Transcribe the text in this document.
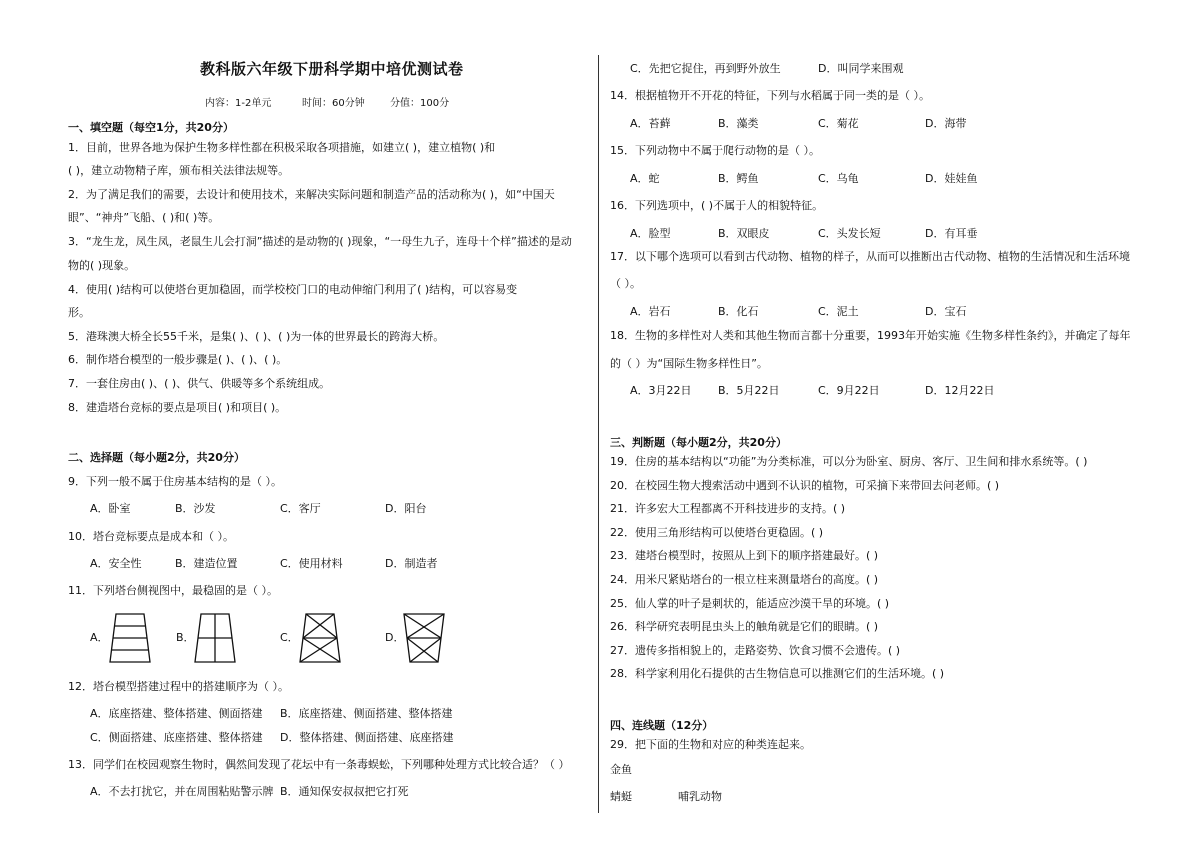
教科版六年级下册科学期中培优测试卷
内容：1-2单元	时间：60分钟	分值：100分
一、填空题（每空1分，共20分）
1．目前，世界各地为保护生物多样性都在积极采取各项措施，如建立( )，建立植物( )和
( )，建立动物精子库，颁布相关法律法规等。
2．为了满足我们的需要，去设计和使用技术，来解决实际问题和制造产品的活动称为( )，如“中国天
眼”、“神舟”飞船、( )和( )等。
3．“龙生龙，凤生凤，老鼠生儿会打洞”描述的是动物的( )现象，“一母生九子，连母十个样”描述的是动
物的( )现象。
4．使用( )结构可以使塔台更加稳固，而学校校门口的电动伸缩门利用了( )结构，可以容易变
形。
5．港珠澳大桥全长55千米，是集( )、( )、( )为一体的世界最长的跨海大桥。
6．制作塔台模型的一般步骤是( )、( )、( )。
7．一套住房由( )、( )、供气、供暖等多个系统组成。
8．建造塔台竞标的要点是项目( )和项目( )。
二、选择题（每小题2分，共20分）
9．下列一般不属于住房基本结构的是（ ）。
A．卧室	B．沙发	C．客厅	D．阳台
10．塔台竞标要点是成本和（ ）。
A．安全性	B．建造位置	C．使用材料	D．制造者
11．下列塔台侧视图中，最稳固的是（ ）。
A．	B．	C．	D．
12．塔台模型搭建过程中的搭建顺序为（ ）。
A．底座搭建、整体搭建、侧面搭建 B．底座搭建、侧面搭建、整体搭建
C．侧面搭建、底座搭建、整体搭建 D．整体搭建、侧面搭建、底座搭建
13．同学们在校园观察生物时，偶然间发现了花坛中有一条毒蜈蚣，下列哪种处理方式比较合适？（ ）
A．不去打扰它，并在周围粘贴警示牌 B．通知保安叔叔把它打死
C．先把它捉住，再到野外放生	D．叫同学来围观
14．根据植物开不开花的特征，下列与水稻属于同一类的是（ ）。
A．苔藓	B．藻类	C．菊花	D．海带
15．下列动物中不属于爬行动物的是（ ）。
A．蛇	B．鳄鱼	C．乌龟	D．娃娃鱼
16．下列选项中，( )不属于人的相貌特征。
A．脸型	B．双眼皮	C．头发长短	D．有耳垂
17．以下哪个选项可以看到古代动物、植物的样子，从而可以推断出古代动物、植物的生活情况和生活环境
（ ）。
A．岩石	B．化石	C．泥土	D．宝石
18．生物的多样性对人类和其他生物而言都十分重要，1993年开始实施《生物多样性条约》，并确定了每年
的（ ）为“国际生物多样性日”。
A．3月22日 B．5月22日	C．9月22日	D．12月22日
三、判断题（每小题2分，共20分）
19．住房的基本结构以“功能”为分类标准，可以分为卧室、厨房、客厅、卫生间和排水系统等。( )
20．在校园生物大搜索活动中遇到不认识的植物，可采摘下来带回去问老师。( )
21．许多宏大工程都离不开科技进步的支持。( )
22．使用三角形结构可以使塔台更稳固。( )
23．建塔台模型时，按照从上到下的顺序搭建最好。( )
24．用米尺紧贴塔台的一根立柱来测量塔台的高度。( )
25．仙人掌的叶子是刺状的，能适应沙漠干旱的环境。( )
26．科学研究表明昆虫头上的触角就是它们的眼睛。( )
27．遗传多指相貌上的，走路姿势、饮食习惯不会遗传。( )
28．科学家利用化石提供的古生物信息可以推测它们的生活环境。( )
四、连线题（12分）
29．把下面的生物和对应的种类连起来。
金鱼
蜻蜓	哺乳动物
